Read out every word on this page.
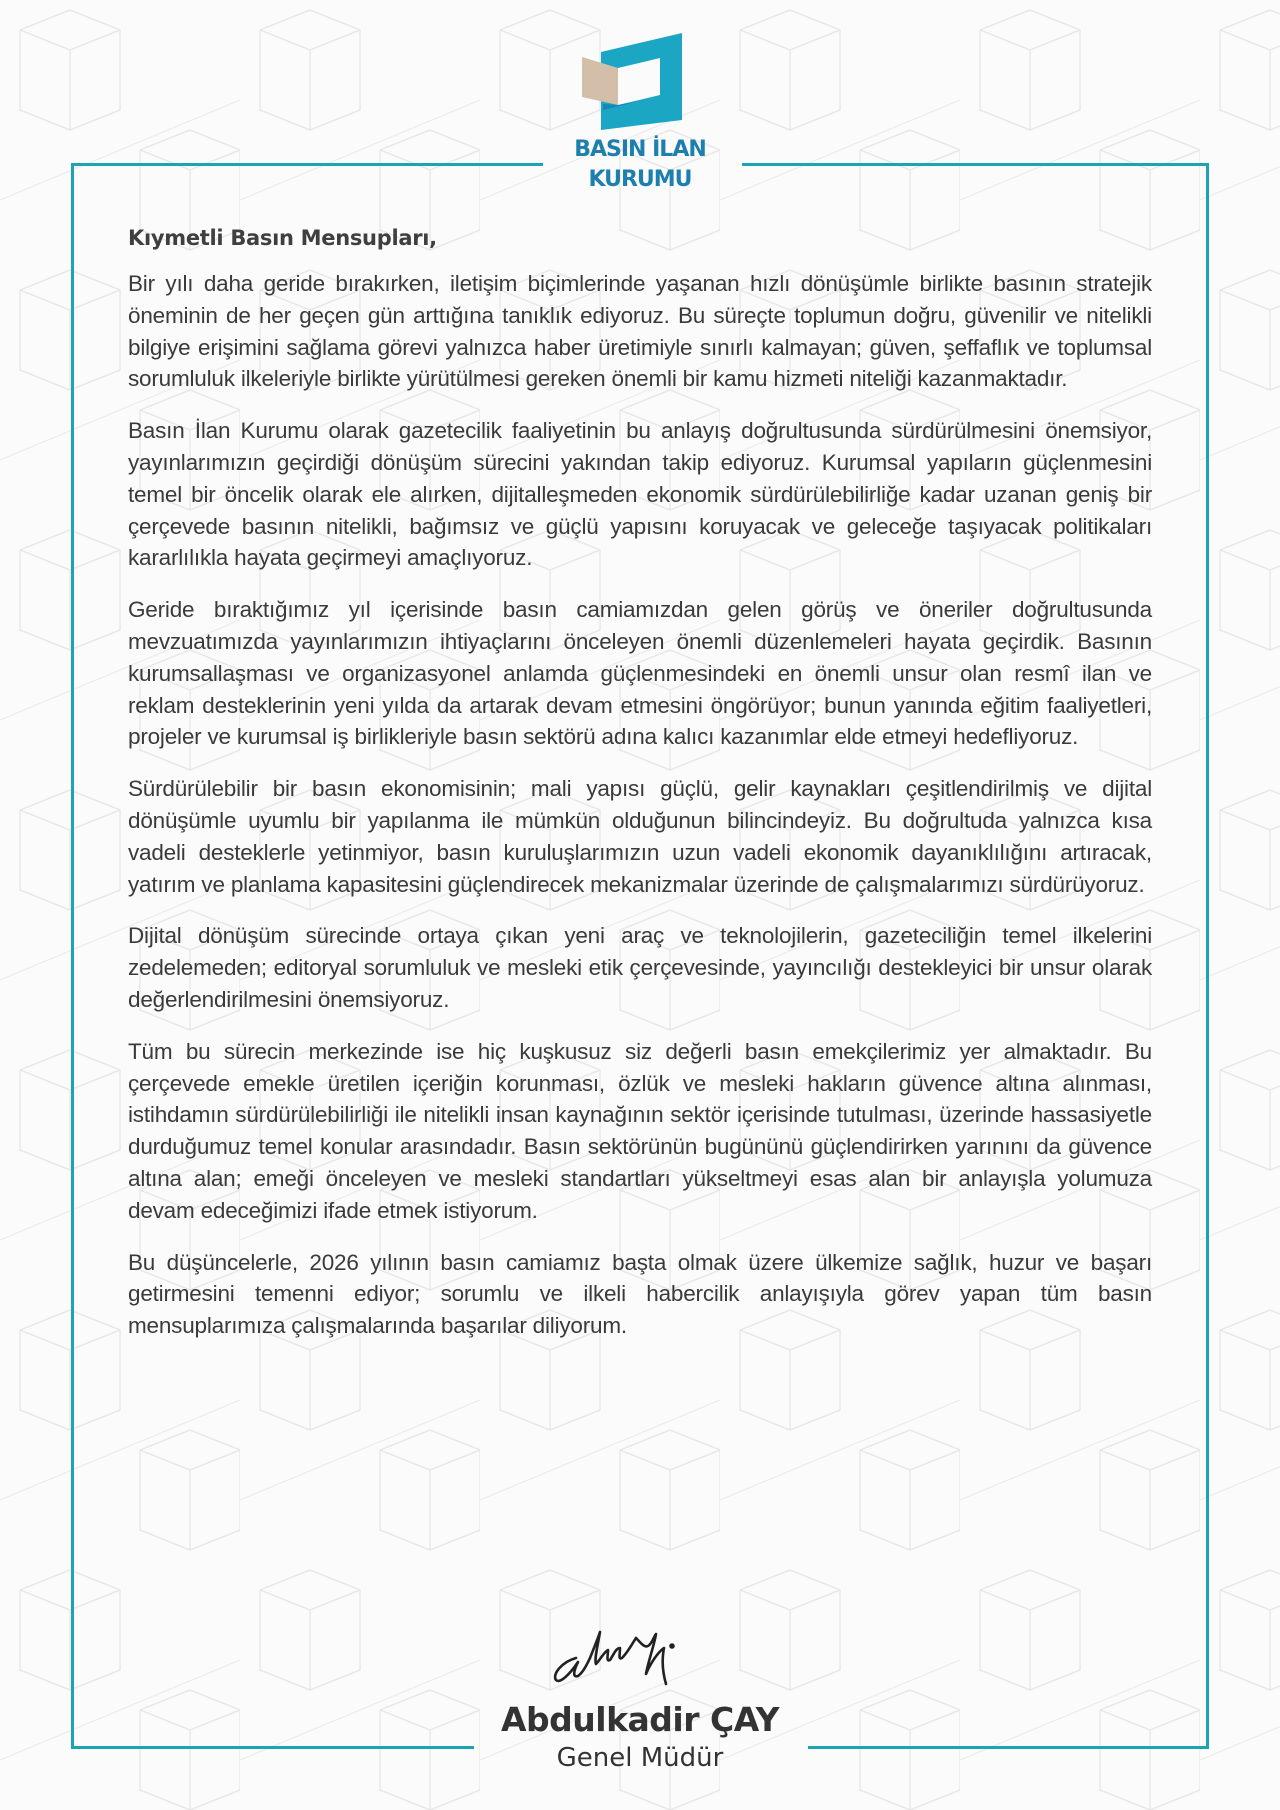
BASIN İLAN
KURUMU

Kıymetli Basın Mensupları,

Bir yılı daha geride bırakırken, iletişim biçimlerinde yaşanan hızlı dönüşümle birlikte basının stratejik öneminin de her geçen gün arttığına tanıklık ediyoruz. Bu süreçte toplumun doğru, güvenilir ve nitelikli bilgiye erişimini sağlama görevi yalnızca haber üretimiyle sınırlı kalmayan; güven, şeffaflık ve toplumsal sorumluluk ilkeleriyle birlikte yürütülmesi gereken önemli bir kamu hizmeti niteliği kazanmaktadır.

Basın İlan Kurumu olarak gazetecilik faaliyetinin bu anlayış doğrultusunda sürdürülmesini önemsiyor, yayınlarımızın geçirdiği dönüşüm sürecini yakından takip ediyoruz. Kurumsal yapıların güçlenmesini temel bir öncelik olarak ele alırken, dijitalleşmeden ekonomik sürdürülebilirliğe kadar uzanan geniş bir çerçevede basının nitelikli, bağımsız ve güçlü yapısını koruyacak ve geleceğe taşıyacak politikaları kararlılıkla hayata geçirmeyi amaçlıyoruz.

Geride bıraktığımız yıl içerisinde basın camiamızdan gelen görüş ve öneriler doğrultusunda mevzuatımızda yayınlarımızın ihtiyaçlarını önceleyen önemli düzenlemeleri hayata geçirdik. Basının kurumsallaşması ve organizasyonel anlamda güçlenmesindeki en önemli unsur olan resmî ilan ve reklam desteklerinin yeni yılda da artarak devam etmesini öngörüyor; bunun yanında eğitim faaliyetleri, projeler ve kurumsal iş birlikleriyle basın sektörü adına kalıcı kazanımlar elde etmeyi hedefliyoruz.

Sürdürülebilir bir basın ekonomisinin; mali yapısı güçlü, gelir kaynakları çeşitlendirilmiş ve dijital dönüşümle uyumlu bir yapılanma ile mümkün olduğunun bilincindeyiz. Bu doğrultuda yalnızca kısa vadeli desteklerle yetinmiyor, basın kuruluşlarımızın uzun vadeli ekonomik dayanıklılığını artıracak, yatırım ve planlama kapasitesini güçlendirecek mekanizmalar üzerinde de çalışmalarımızı sürdürüyoruz.

Dijital dönüşüm sürecinde ortaya çıkan yeni araç ve teknolojilerin, gazeteciliğin temel ilkelerini zedelemeden; editoryal sorumluluk ve mesleki etik çerçevesinde, yayıncılığı destekleyici bir unsur olarak değerlendirilmesini önemsiyoruz.

Tüm bu sürecin merkezinde ise hiç kuşkusuz siz değerli basın emekçilerimiz yer almaktadır. Bu çerçevede emekle üretilen içeriğin korunması, özlük ve mesleki hakların güvence altına alınması, istihdamın sürdürülebilirliği ile nitelikli insan kaynağının sektör içerisinde tutulması, üzerinde hassasiyetle durduğumuz temel konular arasındadır. Basın sektörünün bugününü güçlendirirken yarınını da güvence altına alan; emeği önceleyen ve mesleki standartları yükseltmeyi esas alan bir anlayışla yolumuza devam edeceğimizi ifade etmek istiyorum.

Bu düşüncelerle, 2026 yılının basın camiamız başta olmak üzere ülkemize sağlık, huzur ve başarı getirmesini temenni ediyor; sorumlu ve ilkeli habercilik anlayışıyla görev yapan tüm basın mensuplarımıza çalışmalarında başarılar diliyorum.

Abdulkadir ÇAY
Genel Müdür
